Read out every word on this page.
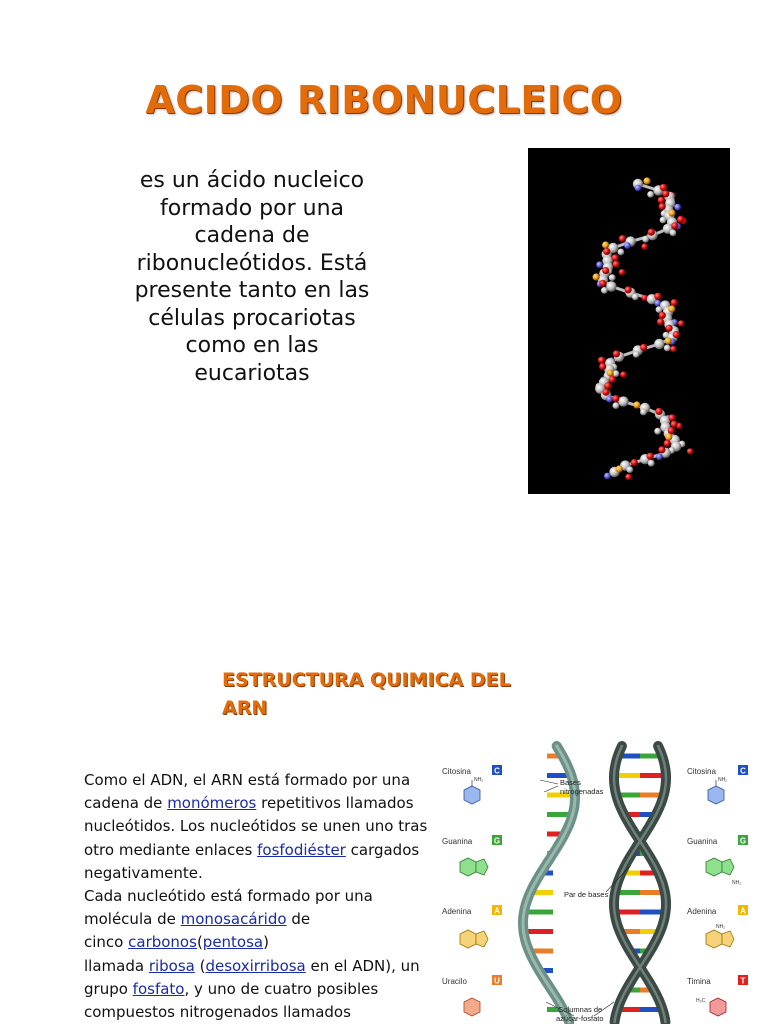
ACIDO RIBONUCLEICO
es un ácido nucleico
formado por una
cadena de
ribonucleótidos. Está
presente tanto en las
células procariotas
como en las
eucariotas
ESTRUCTURA QUIMICA DEL
ARN
Como el ADN, el ARN está formado por una
cadena de monómeros repetitivos llamados
nucleótidos. Los nucleótidos se unen uno tras
otro mediante enlaces fosfodiéster cargados
negativamente.
Cada nucleótido está formado por una
molécula de monosacárido de
cinco carbonos(pentosa)
llamada ribosa (desoxirribosa en el ADN), un
grupo fosfato, y uno de cuatro posibles
compuestos nitrogenados llamados
Citosina	C
NH₂
Guanina	G
Adenina	A
Uracilo	U
Citosina	C
NH₂
Guanina	G
NH₂
Adenina	A
NH₂
Timina	T
H₃C
Bases
nitrogenadas
Par de bases
Columnas de
azúcar-fosfato
